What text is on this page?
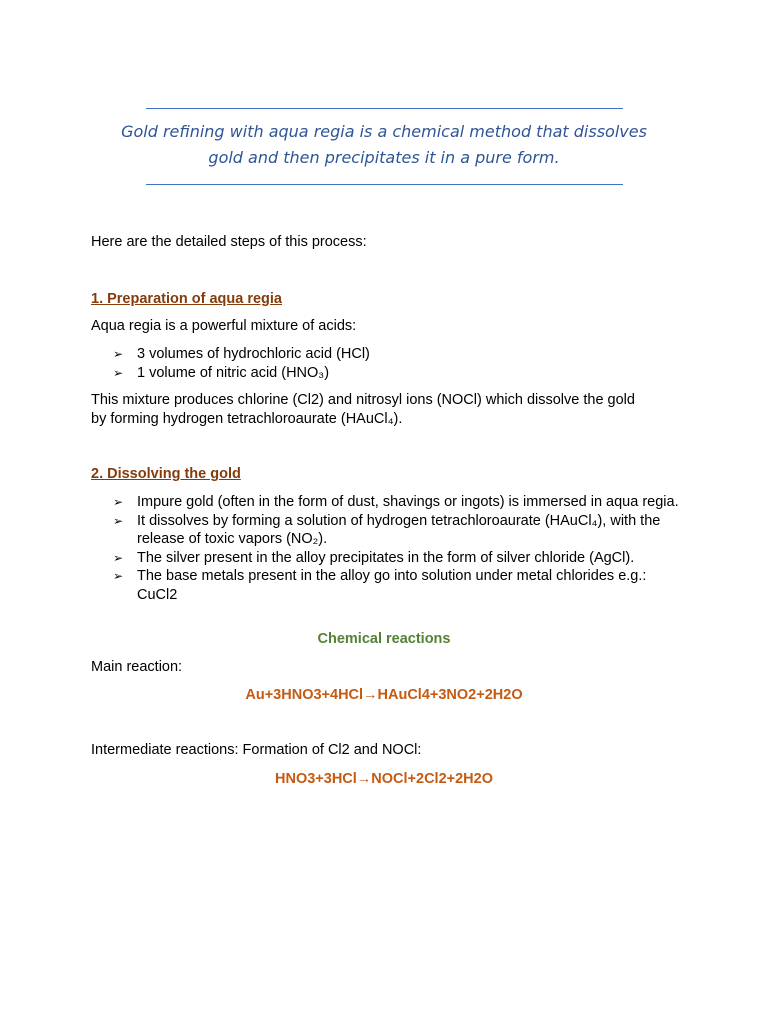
Gold refining with aqua regia is a chemical method that dissolves gold and then precipitates it in a pure form.
Here are the detailed steps of this process:
1. Preparation of aqua regia
Aqua regia is a powerful mixture of acids:
➢ 3 volumes of hydrochloric acid (HCl)
➢ 1 volume of nitric acid (HNO₃)
This mixture produces chlorine (Cl2) and nitrosyl ions (NOCl) which dissolve the gold
by forming hydrogen tetrachloroaurate (HAuCl₄).
2. Dissolving the gold
➢ Impure gold (often in the form of dust, shavings or ingots) is immersed in aqua regia.
➢ It dissolves by forming a solution of hydrogen tetrachloroaurate (HAuCl₄), with the release of toxic vapors (NO₂).
➢ The silver present in the alloy precipitates in the form of silver chloride (AgCl).
➢ The base metals present in the alloy go into solution under metal chlorides e.g.: CuCl2
Chemical reactions
Main reaction:
Au+3HNO3+4HCl→HAuCl4+3NO2+2H2O
Intermediate reactions: Formation of Cl2 and NOCl:
HNO3+3HCl→NOCl+2Cl2+2H2O
